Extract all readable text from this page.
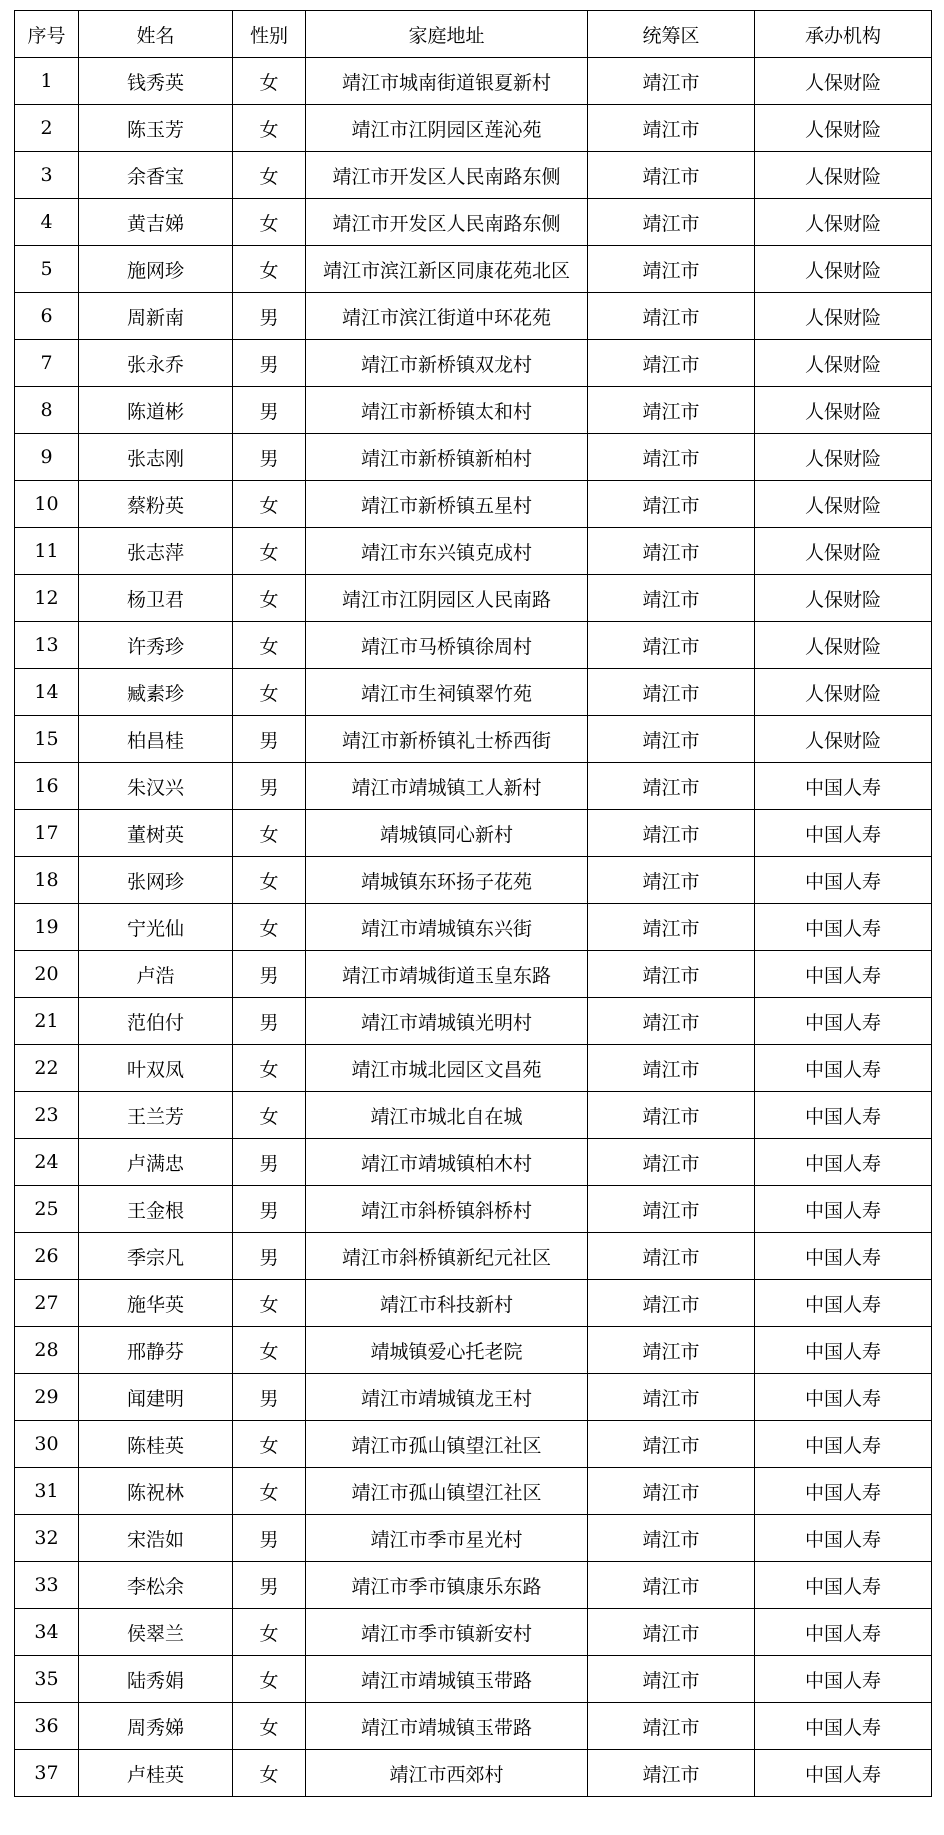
序号	姓名	性别	家庭地址	统筹区	承办机构
1	钱秀英	女	靖江市城南街道银夏新村	靖江市	人保财险
2	陈玉芳	女	靖江市江阴园区莲沁苑	靖江市	人保财险
3	余香宝	女	靖江市开发区人民南路东侧	靖江市	人保财险
4	黄吉娣	女	靖江市开发区人民南路东侧	靖江市	人保财险
5	施网珍	女	靖江市滨江新区同康花苑北区	靖江市	人保财险
6	周新南	男	靖江市滨江街道中环花苑	靖江市	人保财险
7	张永乔	男	靖江市新桥镇双龙村	靖江市	人保财险
8	陈道彬	男	靖江市新桥镇太和村	靖江市	人保财险
9	张志刚	男	靖江市新桥镇新柏村	靖江市	人保财险
10	蔡粉英	女	靖江市新桥镇五星村	靖江市	人保财险
11	张志萍	女	靖江市东兴镇克成村	靖江市	人保财险
12	杨卫君	女	靖江市江阴园区人民南路	靖江市	人保财险
13	许秀珍	女	靖江市马桥镇徐周村	靖江市	人保财险
14	臧素珍	女	靖江市生祠镇翠竹苑	靖江市	人保财险
15	柏昌桂	男	靖江市新桥镇礼士桥西街	靖江市	人保财险
16	朱汉兴	男	靖江市靖城镇工人新村	靖江市	中国人寿
17	董树英	女	靖城镇同心新村	靖江市	中国人寿
18	张网珍	女	靖城镇东环扬子花苑	靖江市	中国人寿
19	宁光仙	女	靖江市靖城镇东兴街	靖江市	中国人寿
20	卢浩	男	靖江市靖城街道玉皇东路	靖江市	中国人寿
21	范伯付	男	靖江市靖城镇光明村	靖江市	中国人寿
22	叶双凤	女	靖江市城北园区文昌苑	靖江市	中国人寿
23	王兰芳	女	靖江市城北自在城	靖江市	中国人寿
24	卢满忠	男	靖江市靖城镇柏木村	靖江市	中国人寿
25	王金根	男	靖江市斜桥镇斜桥村	靖江市	中国人寿
26	季宗凡	男	靖江市斜桥镇新纪元社区	靖江市	中国人寿
27	施华英	女	靖江市科技新村	靖江市	中国人寿
28	邢静芬	女	靖城镇爱心托老院	靖江市	中国人寿
29	闻建明	男	靖江市靖城镇龙王村	靖江市	中国人寿
30	陈桂英	女	靖江市孤山镇望江社区	靖江市	中国人寿
31	陈祝林	女	靖江市孤山镇望江社区	靖江市	中国人寿
32	宋浩如	男	靖江市季市星光村	靖江市	中国人寿
33	李松余	男	靖江市季市镇康乐东路	靖江市	中国人寿
34	侯翠兰	女	靖江市季市镇新安村	靖江市	中国人寿
35	陆秀娟	女	靖江市靖城镇玉带路	靖江市	中国人寿
36	周秀娣	女	靖江市靖城镇玉带路	靖江市	中国人寿
37	卢桂英	女	靖江市西郊村	靖江市	中国人寿
